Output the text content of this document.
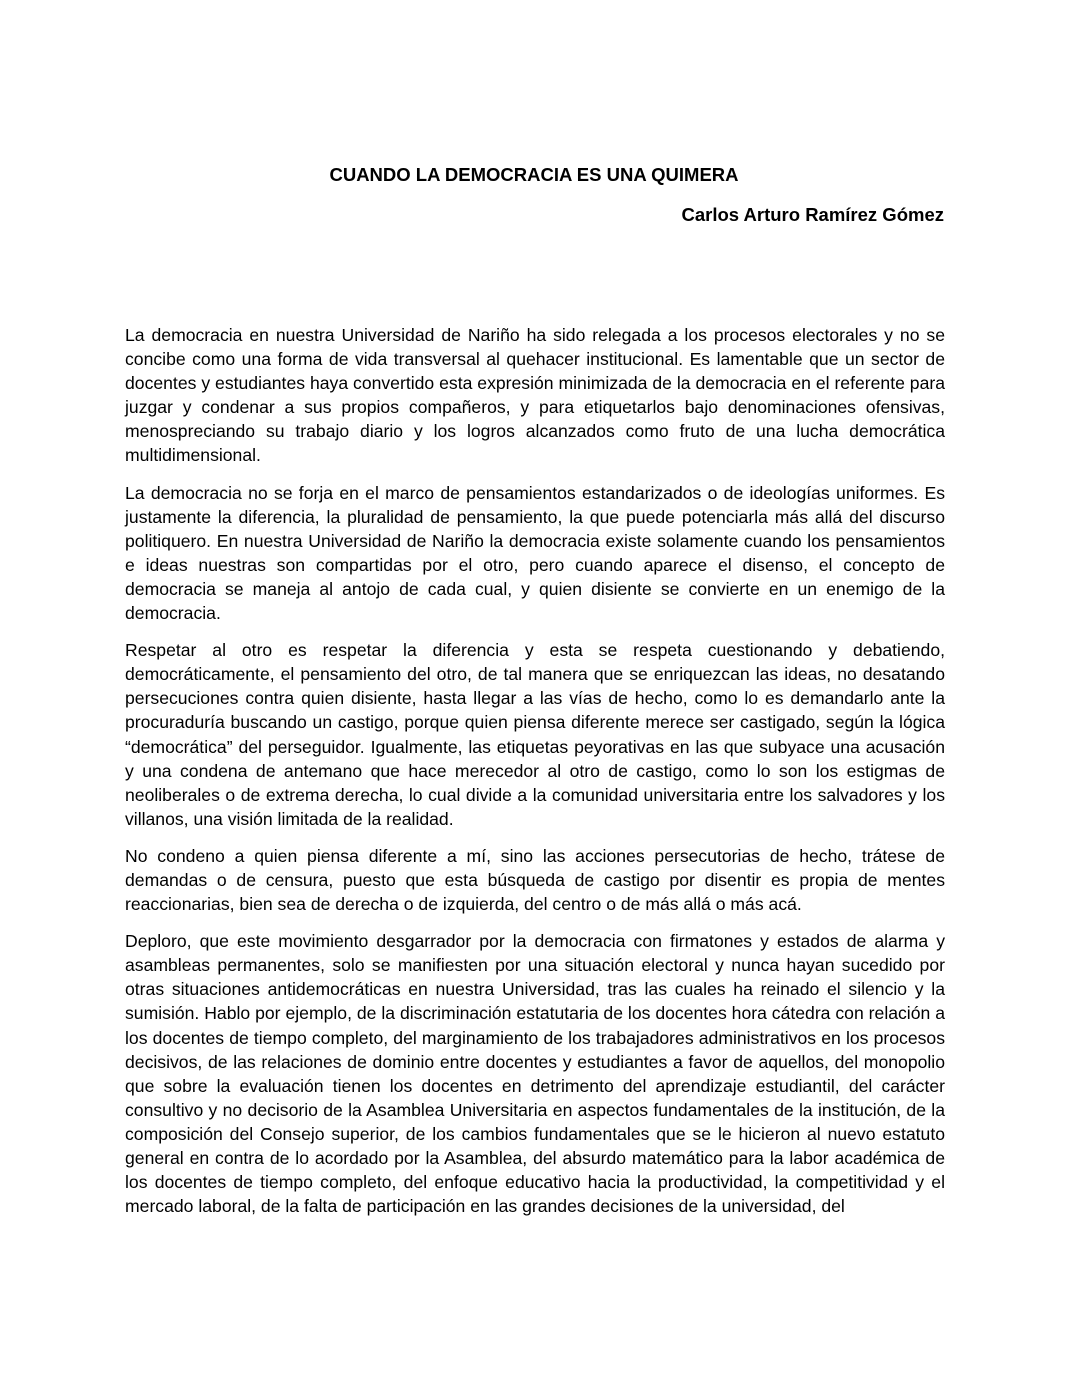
CUANDO LA DEMOCRACIA ES UNA QUIMERA
Carlos Arturo Ramírez Gómez

La democracia en nuestra Universidad de Nariño ha sido relegada a los procesos electorales y no se concibe como una forma de vida transversal al quehacer institucional. Es lamentable que un sector de docentes y estudiantes haya convertido esta expresión minimizada de la democracia en el referente para juzgar y condenar a sus propios compañeros, y para etiquetarlos bajo denominaciones ofensivas, menospreciando su trabajo diario y los logros alcanzados como fruto de una lucha democrática multidimensional.

La democracia no se forja en el marco de pensamientos estandarizados o de ideologías uniformes. Es justamente la diferencia, la pluralidad de pensamiento, la que puede potenciarla más allá del discurso politiquero. En nuestra Universidad de Nariño la democracia existe solamente cuando los pensamientos e ideas nuestras son compartidas por el otro, pero cuando aparece el disenso, el concepto de democracia se maneja al antojo de cada cual, y quien disiente se convierte en un enemigo de la democracia.

Respetar al otro es respetar la diferencia y esta se respeta cuestionando y debatiendo, democráticamente, el pensamiento del otro, de tal manera que se enriquezcan las ideas, no desatando persecuciones contra quien disiente, hasta llegar a las vías de hecho, como lo es demandarlo ante la procuraduría buscando un castigo, porque quien piensa diferente merece ser castigado, según la lógica “democrática” del perseguidor. Igualmente, las etiquetas peyorativas en las que subyace una acusación y una condena de antemano que hace merecedor al otro de castigo, como lo son los estigmas de neoliberales o de extrema derecha, lo cual divide a la comunidad universitaria entre los salvadores y los villanos, una visión limitada de la realidad.

No condeno a quien piensa diferente a mí, sino las acciones persecutorias de hecho, trátese de demandas o de censura, puesto que esta búsqueda de castigo por disentir es propia de mentes reaccionarias, bien sea de derecha o de izquierda, del centro o de más allá o más acá.

Deploro, que este movimiento desgarrador por la democracia con firmatones y estados de alarma y asambleas permanentes, solo se manifiesten por una situación electoral y nunca hayan sucedido por otras situaciones antidemocráticas en nuestra Universidad, tras las cuales ha reinado el silencio y la sumisión. Hablo por ejemplo, de la discriminación estatutaria de los docentes hora cátedra con relación a los docentes de tiempo completo, del marginamiento de los trabajadores administrativos en los procesos decisivos, de las relaciones de dominio entre docentes y estudiantes a favor de aquellos, del monopolio que sobre la evaluación tienen los docentes en detrimento del aprendizaje estudiantil, del carácter consultivo y no decisorio de la Asamblea Universitaria en aspectos fundamentales de la institución, de la composición del Consejo superior, de los cambios fundamentales que se le hicieron al nuevo estatuto general en contra de lo acordado por la Asamblea, del absurdo matemático para la labor académica de los docentes de tiempo completo, del enfoque educativo hacia la productividad, la competitividad y el mercado laboral, de la falta de participación en las grandes decisiones de la universidad, del
